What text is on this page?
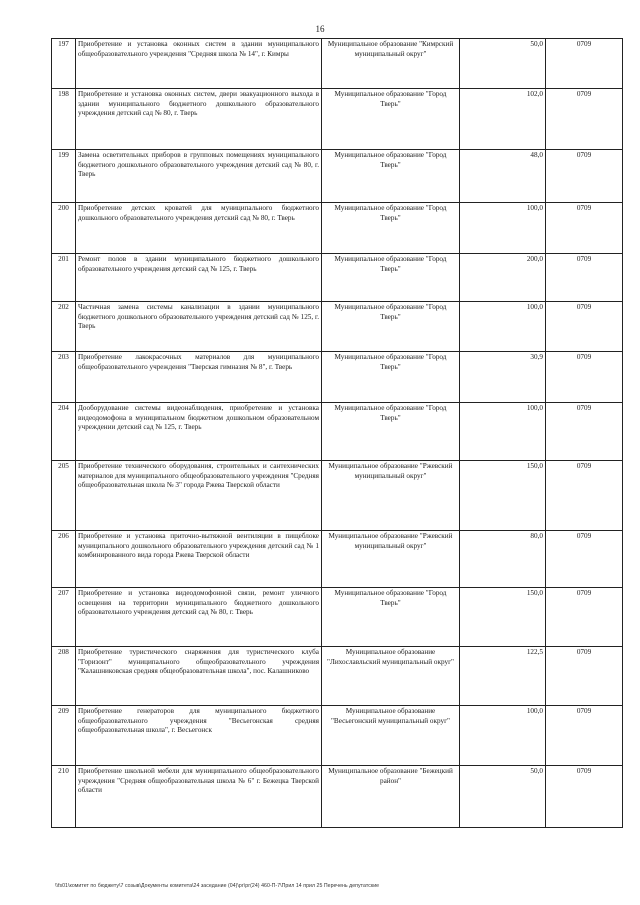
16
197	Приобретение и установка оконных систем в здании муниципального общеобразовательного учреждения "Средняя школа № 14", г. Кимры	Муниципальное образование "Кимрский муниципальный округ"	50,0	0709
198	Приобретение и установка оконных систем, двери эвакуационного выхода в здании муниципального бюджетного дошкольного образовательного учреждения детский сад № 80, г. Тверь	Муниципальное образование "Город Тверь"	102,0	0709
199	Замена осветительных приборов в групповых помещениях муниципального бюджетного дошкольного образовательного учреждения детский сад № 80, г. Тверь	Муниципальное образование "Город Тверь"	48,0	0709
200	Приобретение детских кроватей для муниципального бюджетного дошкольного образовательного учреждения детский сад № 80, г. Тверь	Муниципальное образование "Город Тверь"	100,0	0709
201	Ремонт полов в здании муниципального бюджетного дошкольного образовательного учреждения детский сад № 125, г. Тверь	Муниципальное образование "Город Тверь"	200,0	0709
202	Частичная замена системы канализации в здании муниципального бюджетного дошкольного образовательного учреждения детский сад № 125, г. Тверь	Муниципальное образование "Город Тверь"	100,0	0709
203	Приобретение лакокрасочных материалов для муниципального общеобразовательного учреждения "Тверская гимназия № 8", г. Тверь	Муниципальное образование "Город Тверь"	30,9	0709
204	Дооборудование системы видеонаблюдения, приобретение и установка видеодомофона в муниципальном бюджетном дошкольном образовательном учреждении детский сад № 125, г. Тверь	Муниципальное образование "Город Тверь"	100,0	0709
205	Приобретение технического оборудования, строительных и сантехнических материалов для муниципального общеобразовательного учреждения "Средняя общеобразовательная школа № 3" города Ржева Тверской области	Муниципальное образование "Ржевский муниципальный округ"	150,0	0709
206	Приобретение и установка приточно-вытяжной вентиляции в пищеблоке муниципального дошкольного образовательного учреждения детский сад № 1 комбинированного вида города Ржева Тверской области	Муниципальное образование "Ржевский муниципальный округ"	80,0	0709
207	Приобретение и установка видеодомофонной связи, ремонт уличного освещения на территории муниципального бюджетного дошкольного образовательного учреждения детский сад № 80, г. Тверь	Муниципальное образование "Город Тверь"	150,0	0709
208	Приобретение туристического снаряжения для туристического клуба "Горизонт" муниципального общеобразовательного учреждения "Калашниковская средняя общеобразовательная школа", пос. Калашниково	Муниципальное образование "Лихославльский муниципальный округ"	122,5	0709
209	Приобретение генераторов для муниципального бюджетного общеобразовательного учреждения "Весьегонская средняя общеобразовательная школа", г. Весьегонск	Муниципальное образование "Весьегонский муниципальный округ"	100,0	0709
210	Приобретение школьной мебели для муниципального общеобразовательного учреждения "Средняя общеобразовательная школа № 6" г. Бежецка Тверской области	Муниципальное образование "Бежецкий район"	50,0	0709
\\fs01\комитет по бюджету\7 созыв\Документы комитета\24 заседание (04)\рг\рг(24) 460-П-7\Прил 14 прил 25 Перечень депутатские
